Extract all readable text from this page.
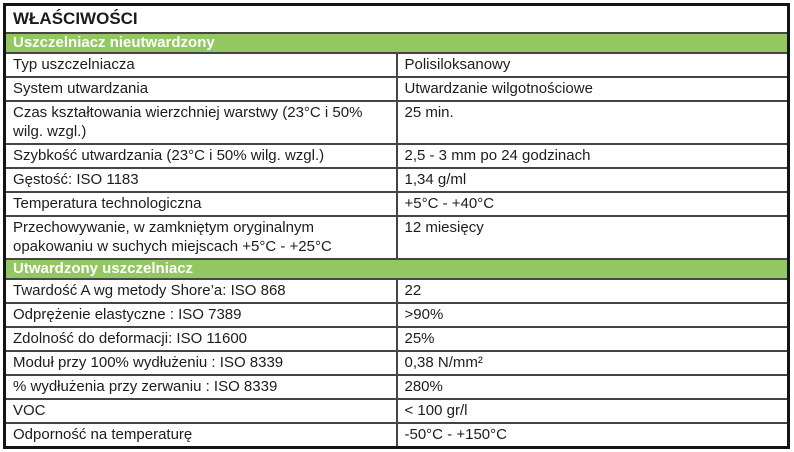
WŁAŚCIWOŚCI	
Uszczelniacz nieutwardzony	
Typ uszczelniacza	Polisiloksanowy
System utwardzania	Utwardzanie wilgotnościowe
Czas kształtowania wierzchniej warstwy (23°C i 50% wilg. wzgl.)	25 min.
Szybkość utwardzania (23°C i 50% wilg. wzgl.)	2,5 - 3 mm po 24 godzinach
Gęstość: ISO 1183	1,34 g/ml
Temperatura technologiczna	+5°C - +40°C
Przechowywanie, w zamkniętym oryginalnym opakowaniu w suchych miejscach +5°C - +25°C	12 miesięcy
Utwardzony uszczelniacz	
Twardość A wg metody Shore’a: ISO 868	22
Odprężenie elastyczne : ISO 7389	>90%
Zdolność do deformacji: ISO 11600	25%
Moduł przy 100% wydłużeniu : ISO 8339	0,38 N/mm²
% wydłużenia przy zerwaniu : ISO 8339	280%
VOC	< 100 gr/l
Odporność na temperaturę	-50°C - +150°C
